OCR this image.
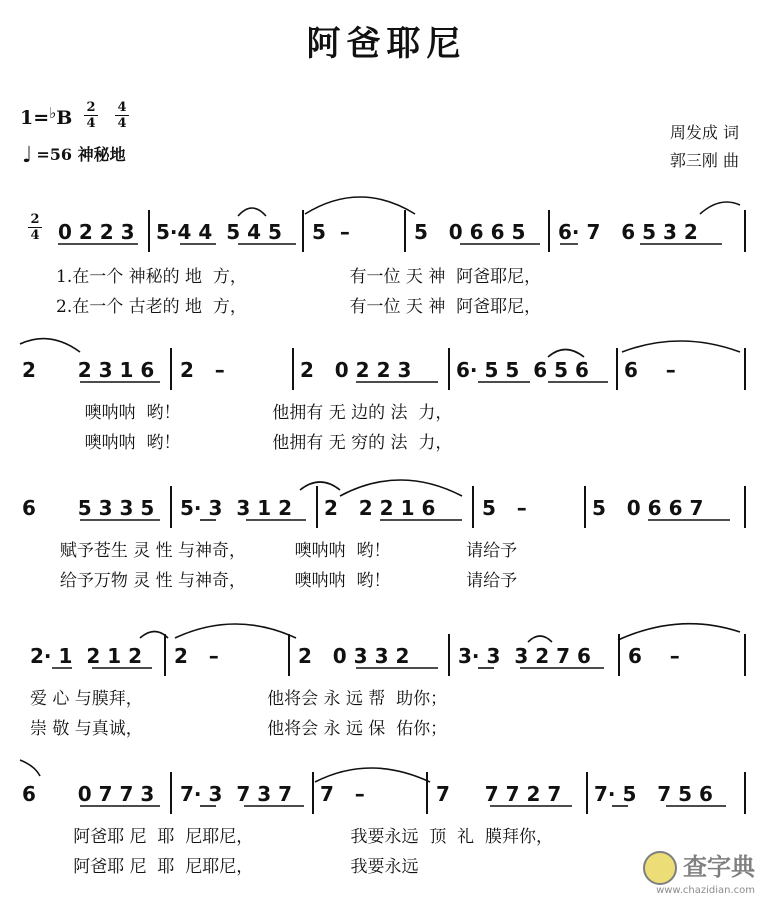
阿爸耶尼
$1=^♭B \frac{2}{4} \frac{4}{4}$
♩ =56 神秘地
周发成 词
郭三刚 曲
$\frac{2}{4} 0$ 2 2 3 5·4 4  5 4 5 5  –	5   0 6 6 5 6· 7   6 5 3 2
1.在一个 神秘的 地  方，                   有一位 天 神  阿爸耶尼，
2.在一个 古老的 地  方，                   有一位 天 神  阿爸耶尼，
2      2 3 1 6 2   –	2   0 2 2 3 6· 5 5  6 5 6 6    –
噢呐呐  哟！                 他拥有 无 边的 法  力，
噢呐呐  哟！                 他拥有 无 穷的 法  力，
6      5 3 3 5 5· 3  3 1 2 2   2 2 1 6 5   –	5   0 6 6 7
赋予苍生 灵 性 与神奇，         噢呐呐  哟！              请给予
给予万物 灵 性 与神奇，         噢呐呐  哟！              请给予
2· 1  2 1 2 2   –	2   0 3 3 2 3· 3  3 2 7 6 6    –
爱 心 与膜拜，                       他将会 永 远 帮  助你；
崇 敬 与真诚，                       他将会 永 远 保  佑你；
6      0 7 7 3 7· 3  7 3 7 7   –	7     7 7 2 7 7· 5   7 5 6
阿爸耶 尼  耶  尼耶尼，                  我要永远  顶  礼  膜拜你，
阿爸耶 尼  耶  尼耶尼，                  我要永远	查字典
www.chazidian.com
